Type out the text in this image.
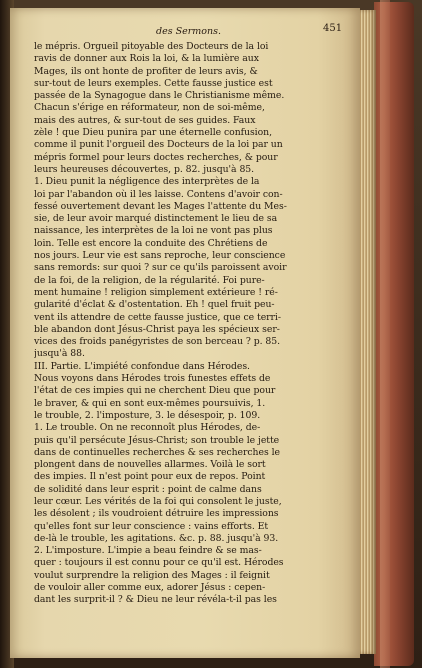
des Sermons.	451
le mépris. Orgueil pitoyable des Docteurs de la loi
ravis de donner aux Rois la loi, & la lumière aux
Mages, ils ont honte de profiter de leurs avis, &
sur-tout de leurs exemples. Cette fausse justice est
passée de la Synagogue dans le Christianisme même.
Chacun s'érige en réformateur, non de soi-même,
mais des autres, & sur-tout de ses guides. Faux
zèle ! que Dieu punira par une éternelle confusion,
comme il punit l'orgueil des Docteurs de la loi par un
mépris formel pour leurs doctes recherches, & pour
leurs heureuses découvertes, p. 82. jusqu'à 85.
1. Dieu punit la négligence des interprètes de la
loi par l'abandon où il les laisse. Contens d'avoir con-
fessé ouvertement devant les Mages l'attente du Mes-
sie, de leur avoir marqué distinctement le lieu de sa
naissance, les interprètes de la loi ne vont pas plus
loin. Telle est encore la conduite des Chrétiens de
nos jours. Leur vie est sans reproche, leur conscience
sans remords: sur quoi ? sur ce qu'ils paroissent avoir
de la foi, de la religion, de la régularité. Foi pure-
ment humaine ! religion simplement extérieure ! ré-
gularité d'éclat & d'ostentation. Eh ! quel fruit peu-
vent ils attendre de cette fausse justice, que ce terri-
ble abandon dont Jésus-Christ paya les spécieux ser-
vices des froids panégyristes de son berceau ? p. 85.
jusqu'à 88.
III. Partie. L'impiété confondue dans Hérodes.
Nous voyons dans Hérodes trois funestes effets de
l'état de ces impies qui ne cherchent Dieu que pour
le braver, & qui en sont eux-mêmes poursuivis, 1.
le trouble, 2. l'imposture, 3. le désespoir, p. 109.
1. Le trouble. On ne reconnoît plus Hérodes, de-
puis qu'il persécute Jésus-Christ; son trouble le jette
dans de continuelles recherches & ses recherches le
plongent dans de nouvelles allarmes. Voilà le sort
des impies. Il n'est point pour eux de repos. Point
de solidité dans leur esprit : point de calme dans
leur cœur. Les vérités de la foi qui consolent le juste,
les désolent ; ils voudroient détruire les impressions
qu'elles font sur leur conscience : vains efforts. Et
de-là le trouble, les agitations. &c. p. 88. jusqu'à 93.
2. L'imposture. L'impie a beau feindre & se mas-
quer : toujours il est connu pour ce qu'il est. Hérodes
voulut surprendre la religion des Mages : il feignit
de vouloir aller comme eux, adorer Jésus : cepen-
dant les surprit-il ? & Dieu ne leur révéla-t-il pas les
